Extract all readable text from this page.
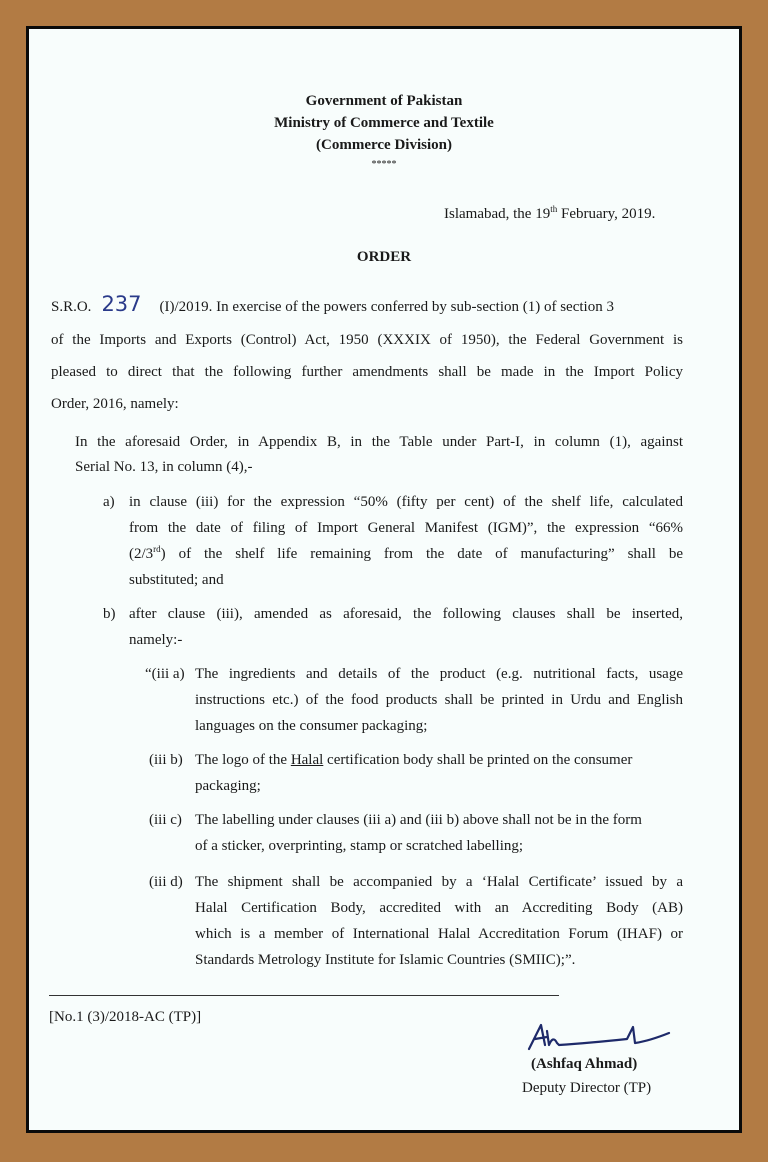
Government of Pakistan
Ministry of Commerce and Textile
(Commerce Division)
*****
Islamabad, the 19th February, 2019.
ORDER
S.R.O. 237 (I)/2019. In exercise of the powers conferred by sub-section (1) of section 3
of the Imports and Exports (Control) Act, 1950 (XXXIX of 1950), the Federal Government is
pleased to direct that the following further amendments shall be made in the Import Policy
Order, 2016, namely:
In the aforesaid Order, in Appendix B, in the Table under Part-I, in column (1), against
Serial No. 13, in column (4),-
a) in clause (iii) for the expression “50% (fifty per cent) of the shelf life, calculated
from the date of filing of Import General Manifest (IGM)”, the expression “66%
(2/3rd) of the shelf life remaining from the date of manufacturing” shall be
substituted; and
b) after clause (iii), amended as aforesaid, the following clauses shall be inserted,
namely:-
“(iii a) The ingredients and details of the product (e.g. nutritional facts, usage
instructions etc.) of the food products shall be printed in Urdu and English
languages on the consumer packaging;
(iii b) The logo of the Halal certification body shall be printed on the consumer
packaging;
(iii c) The labelling under clauses (iii a) and (iii b) above shall not be in the form
of a sticker, overprinting, stamp or scratched labelling;
(iii d) The shipment shall be accompanied by a ‘Halal Certificate’ issued by a
Halal Certification Body, accredited with an Accrediting Body (AB)
which is a member of International Halal Accreditation Forum (IHAF) or
Standards Metrology Institute for Islamic Countries (SMIIC);”.
[No.1 (3)/2018-AC (TP)]
(Ashfaq Ahmad)
Deputy Director (TP)
